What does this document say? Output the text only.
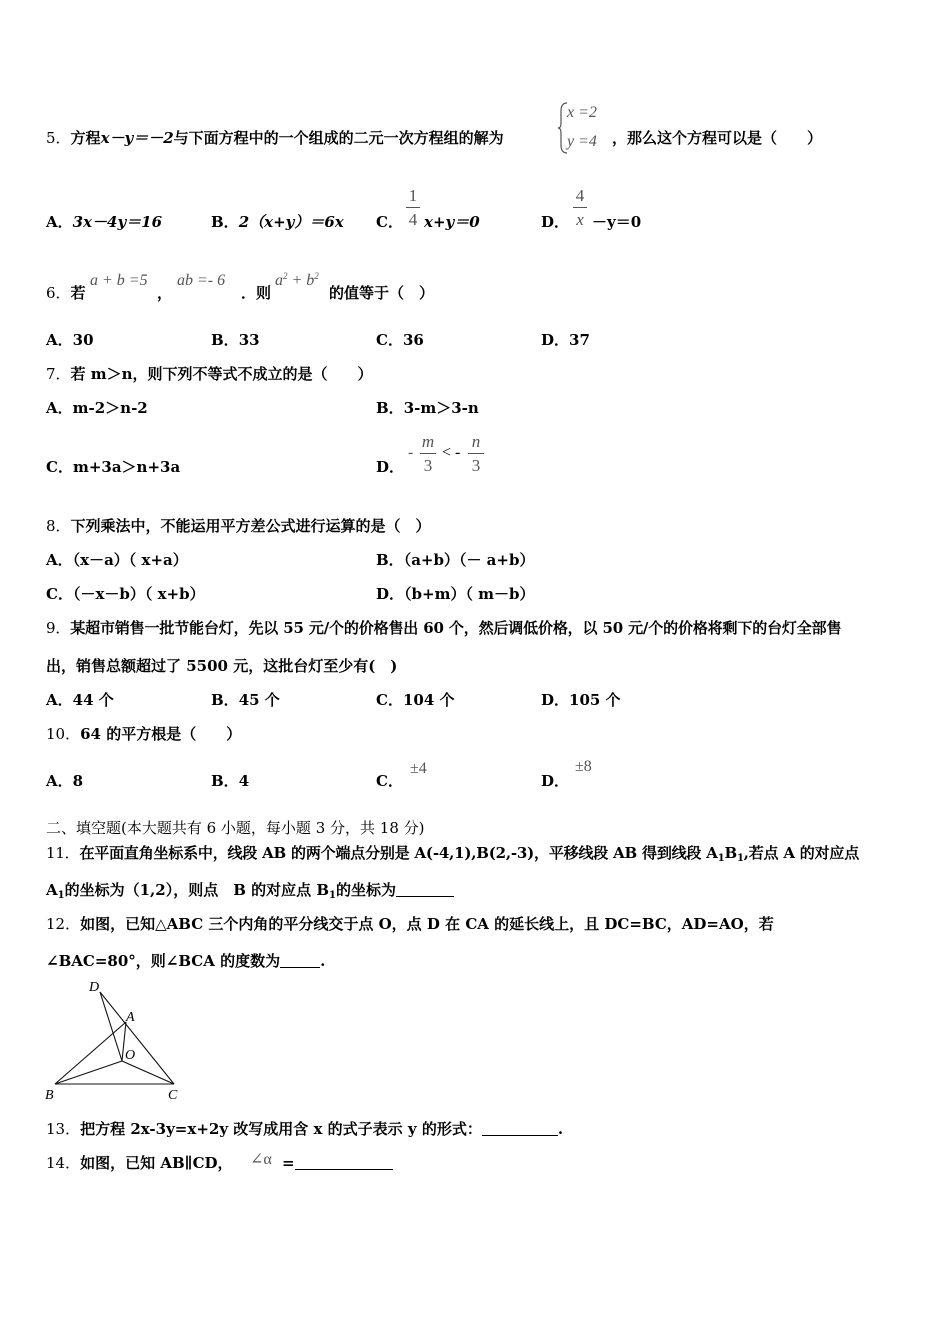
5．方程x－y＝－2与下面方程中的一个组成的二元一次方程组的解为
x =2
y =4 ，那么这个方程可以是（　　）
A．3x－4y＝16	B．2（x+y）＝6x C．
1
4 x+y＝0	D．
4
x －y＝0
6．若
a + b =5
，
ab =- 6
．则
$a^2 + b^2$
的值等于（　）
A．30	B．33	C．36	D．37
7．若 m＞n，则下列不等式不成立的是（　　）
A．m-2＞n-2	B．3-m＞3-n
C．m+3a＞n+3a	D．
-
m
3
< -
n
3
8．下列乘法中，不能运用平方差公式进行运算的是（　）
A．（x－a）（ x+a）	B．（a+b）（－ a+b）
C．（－x－b）（ x+b）	D．（b+m）（ m－b）
9．某超市销售一批节能台灯，先以 55 元/个的价格售出 60 个，然后调低价格，以 50 元/个的价格将剩下的台灯全部售
出，销售总额超过了 5500 元，这批台灯至少有(　)
A．44 个	B．45 个	C．104 个	D．105 个
10．64 的平方根是（　　）
A．8	B．4	C．
±4
D．
±8
二、填空题(本大题共有 6 小题，每小题 3 分，共 18 分)
11．在平面直角坐标系中，线段 AB 的两个端点分别是 A(-4,1),B(2,-3)，平移线段 AB 得到线段 $A_1B_1$,若点 A 的对应点
$A_1$的坐标为（1,2），则点　B 的对应点 $B_1$的坐标为
12．如图，已知△ABC 三个内角的平分线交于点 O，点 D 在 CA 的延长线上，且 DC=BC，AD=AO，若
∠BAC=80°，则∠BCA 的度数为	.
D
A
O
B	C
13．把方程 2x-3y=x+2y 改写成用含 x 的式子表示 y 的形式：	.
14．如图，已知 AB∥CD， ∠α =
